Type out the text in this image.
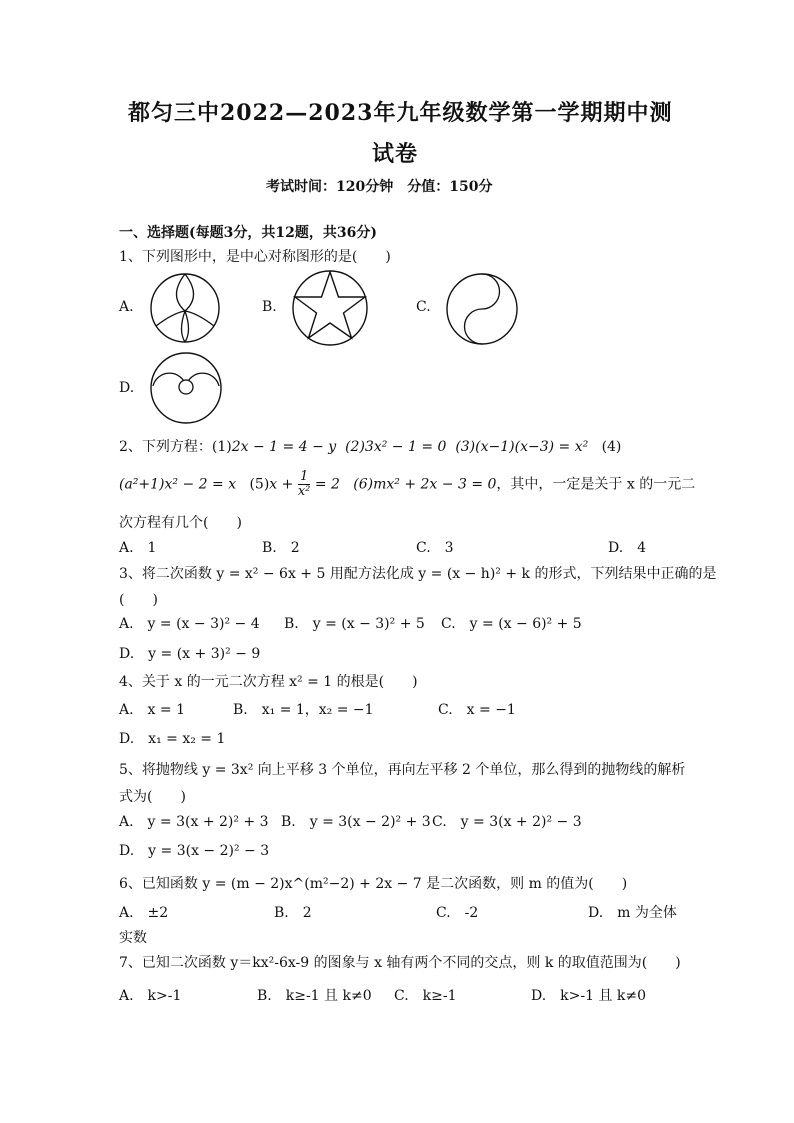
都匀三中2022—2023年九年级数学第一学期期中测
试卷
考试时间：120分钟　分值：150分
一、选择题(每题3分，共12题，共36分)
1、下列图形中，是中心对称图形的是(　　)
A.	B.	C.
D.
2、下列方程：(1)2x − 1 = 4 − y (2)3x² − 1 = 0 (3)(x−1)(x−3) = x² (4)
(a²+1)x² − 2 = x $(5)x + \frac{1}{\text{x²}} = 2$ (6)mx² + 2x − 3 = 0，其中，一定是关于 x 的一元二
次方程有几个(　　)
A.　1	B.　2	C.　3	D.　4
3、将二次函数 y = x² − 6x + 5 用配方法化成 y = (x − h)² + k 的形式，下列结果中正确的是
(　　)
A.　y = (x − 3)² − 4 B.　y = (x − 3)² + 5 C.　y = (x − 6)² + 5
D.　y = (x + 3)² − 9
4、关于 x 的一元二次方程 x² = 1 的根是(　　)
A.　x = 1	B.　x₁ = 1，x₂ = −1	C.　x = −1
D.　x₁ = x₂ = 1
5、将抛物线 y = 3x² 向上平移 3 个单位，再向左平移 2 个单位，那么得到的抛物线的解析
式为(　　)
A.　y = 3(x + 2)² + 3 B.　y = 3(x − 2)² + 3 C.　y = 3(x + 2)² − 3
D.　y = 3(x − 2)² − 3
6、已知函数 y = (m − 2)x^(m²−2) + 2x − 7 是二次函数，则 m 的值为(　　)
A.　±2	B.　2	C.　-2	D.　m 为全体
实数
7、已知二次函数 y＝kx²-6x-9 的图象与 x 轴有两个不同的交点，则 k 的取值范围为(　　)
A.　k>-1	B.　k≥-1 且 k≠0 C.　k≥-1	D.　k>-1 且 k≠0
